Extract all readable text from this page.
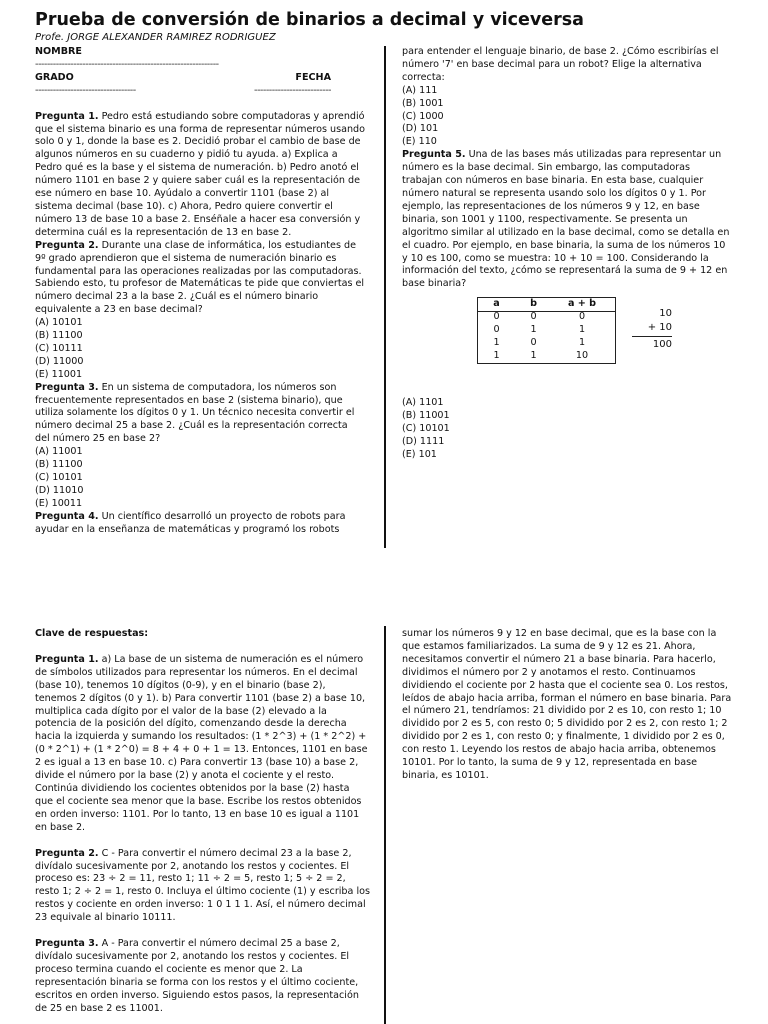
Prueba de conversión de binarios a decimal y viceversa
Profe. JORGE ALEXANDER RAMIREZ RODRIGUEZ
NOMBRE
--------------------------------------------------------------
GRADO	FECHA
----------------------------------	--------------------------

Pregunta 1. Pedro está estudiando sobre computadoras y aprendió que el sistema binario es una forma de representar números usando solo 0 y 1, donde la base es 2. Decidió probar el cambio de base de algunos números en su cuaderno y pidió tu ayuda. a) Explica a Pedro qué es la base y el sistema de numeración. b) Pedro anotó el número 1101 en base 2 y quiere saber cuál es la representación de ese número en base 10. Ayúdalo a convertir 1101 (base 2) al sistema decimal (base 10). c) Ahora, Pedro quiere convertir el número 13 de base 10 a base 2. Enséñale a hacer esa conversión y determina cuál es la representación de 13 en base 2.

Pregunta 2. Durante una clase de informática, los estudiantes de 9º grado aprendieron que el sistema de numeración binario es fundamental para las operaciones realizadas por las computadoras. Sabiendo esto, tu profesor de Matemáticas te pide que conviertas el número decimal 23 a la base 2. ¿Cuál es el número binario equivalente a 23 en base decimal?

(A) 10101
(B) 11100
(C) 10111
(D) 11000
(E) 11001

Pregunta 3. En un sistema de computadora, los números son frecuentemente representados en base 2 (sistema binario), que utiliza solamente los dígitos 0 y 1. Un técnico necesita convertir el número decimal 25 a base 2. ¿Cuál es la representación correcta del número 25 en base 2?

(A) 11001
(B) 11100
(C) 10101
(D) 11010
(E) 10011

Pregunta 4. Un científico desarrolló un proyecto de robots para ayudar en la enseñanza de matemáticas y programó los robots

para entender el lenguaje binario, de base 2. ¿Cómo escribirías el número '7' en base decimal para un robot? Elige la alternativa correcta:

(A) 111
(B) 1001
(C) 1000
(D) 101
(E) 110

Pregunta 5. Una de las bases más utilizadas para representar un número es la base decimal. Sin embargo, las computadoras trabajan con números en base binaria. En esta base, cualquier número natural se representa usando solo los dígitos 0 y 1. Por ejemplo, las representaciones de los números 9 y 12, en base binaria, son 1001 y 1100, respectivamente. Se presenta un algoritmo similar al utilizado en la base decimal, como se detalla en el cuadro. Por ejemplo, en base binaria, la suma de los números 10 y 10 es 100, como se muestra: 10 + 10 = 100. Considerando la información del texto, ¿cómo se representará la suma de 9 + 12 en base binaria?

a	b	a + b
0	0	0
0	1	1
1	0	1
1	1	10
10
+ 10
100
(A) 1101
(B) 11001
(C) 10101
(D) 1111
(E) 101
Clave de respuestas:

Pregunta 1. a) La base de un sistema de numeración es el número de símbolos utilizados para representar los números. En el decimal (base 10), tenemos 10 dígitos (0-9), y en el binario (base 2), tenemos 2 dígitos (0 y 1). b) Para convertir 1101 (base 2) a base 10, multiplica cada dígito por el valor de la base (2) elevado a la potencia de la posición del dígito, comenzando desde la derecha hacia la izquierda y sumando los resultados: (1 * 2^3) + (1 * 2^2) + (0 * 2^1) + (1 * 2^0) = 8 + 4 + 0 + 1 = 13. Entonces, 1101 en base 2 es igual a 13 en base 10. c) Para convertir 13 (base 10) a base 2, divide el número por la base (2) y anota el cociente y el resto. Continúa dividiendo los cocientes obtenidos por la base (2) hasta que el cociente sea menor que la base. Escribe los restos obtenidos en orden inverso: 1101. Por lo tanto, 13 en base 10 es igual a 1101 en base 2.

Pregunta 2. C - Para convertir el número decimal 23 a la base 2, divídalo sucesivamente por 2, anotando los restos y cocientes. El proceso es: 23 ÷ 2 = 11, resto 1; 11 ÷ 2 = 5, resto 1; 5 ÷ 2 = 2, resto 1; 2 ÷ 2 = 1, resto 0. Incluya el último cociente (1) y escriba los restos y cociente en orden inverso: 1 0 1 1 1. Así, el número decimal 23 equivale al binario 10111.

Pregunta 3. A - Para convertir el número decimal 25 a base 2, divídalo sucesivamente por 2, anotando los restos y cocientes. El proceso termina cuando el cociente es menor que 2. La representación binaria se forma con los restos y el último cociente, escritos en orden inverso. Siguiendo estos pasos, la representación de 25 en base 2 es 11001.

sumar los números 9 y 12 en base decimal, que es la base con la que estamos familiarizados. La suma de 9 y 12 es 21. Ahora, necesitamos convertir el número 21 a base binaria. Para hacerlo, dividimos el número por 2 y anotamos el resto. Continuamos dividiendo el cociente por 2 hasta que el cociente sea 0. Los restos, leídos de abajo hacia arriba, forman el número en base binaria. Para el número 21, tendríamos: 21 dividido por 2 es 10, con resto 1; 10 dividido por 2 es 5, con resto 0; 5 dividido por 2 es 2, con resto 1; 2 dividido por 2 es 1, con resto 0; y finalmente, 1 dividido por 2 es 0, con resto 1. Leyendo los restos de abajo hacia arriba, obtenemos 10101. Por lo tanto, la suma de 9 y 12, representada en base binaria, es 10101.
